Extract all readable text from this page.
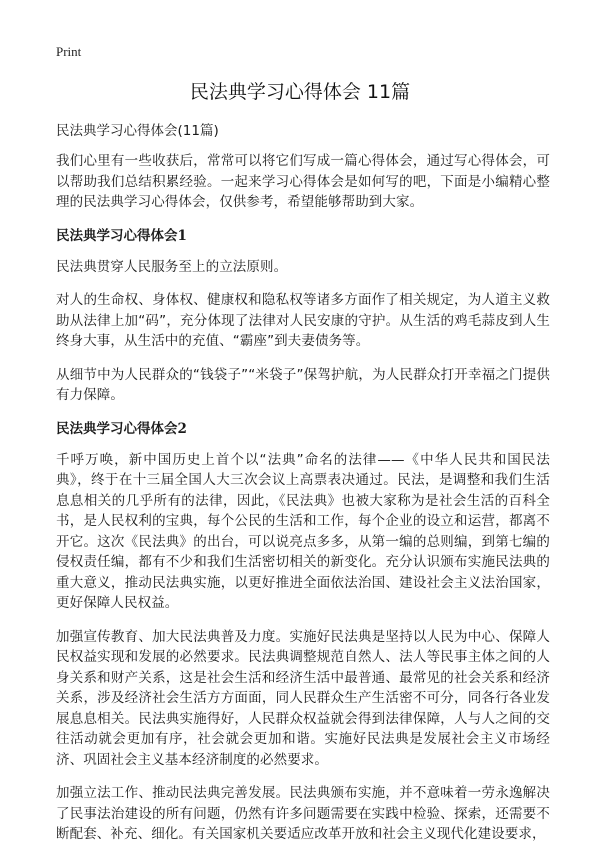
Print
民法典学习心得体会 11篇

民法典学习心得体会(11篇)

我们心里有一些收获后，常常可以将它们写成一篇心得体会，通过写心得体会，可以帮助我们总结积累经验。一起来学习心得体会是如何写的吧，下面是小编精心整理的民法典学习心得体会，仅供参考，希望能够帮助到大家。

民法典学习心得体会1

民法典贯穿人民服务至上的立法原则。

对人的生命权、身体权、健康权和隐私权等诸多方面作了相关规定，为人道主义救助从法律上加“码”，充分体现了法律对人民安康的守护。从生活的鸡毛蒜皮到人生终身大事，从生活中的充值、“霸座”到夫妻债务等。

从细节中为人民群众的“钱袋子”“米袋子”保驾护航，为人民群众打开幸福之门提供有力保障。

民法典学习心得体会2

千呼万唤，新中国历史上首个以“法典”命名的法律——《中华人民共和国民法典》，终于在十三届全国人大三次会议上高票表决通过。民法，是调整和我们生活息息相关的几乎所有的法律，因此，《民法典》也被大家称为是社会生活的百科全书，是人民权利的宝典，每个公民的生活和工作，每个企业的设立和运营，都离不开它。这次《民法典》的出台，可以说亮点多多，从第一编的总则编，到第七编的侵权责任编，都有不少和我们生活密切相关的新变化。充分认识颁布实施民法典的重大意义，推动民法典实施，以更好推进全面依法治国、建设社会主义法治国家，更好保障人民权益。

加强宣传教育、加大民法典普及力度。实施好民法典是坚持以人民为中心、保障人民权益实现和发展的必然要求。民法典调整规范自然人、法人等民事主体之间的人身关系和财产关系，这是社会生活和经济生活中最普通、最常见的社会关系和经济关系，涉及经济社会生活方方面面，同人民群众生产生活密不可分，同各行各业发展息息相关。民法典实施得好，人民群众权益就会得到法律保障，人与人之间的交往活动就会更加有序，社会就会更加和谐。实施好民法典是发展社会主义市场经济、巩固社会主义基本经济制度的必然要求。

加强立法工作、推动民法典完善发展。民法典颁布实施，并不意味着一劳永逸解决了民事法治建设的所有问题，仍然有许多问题需要在实践中检验、探索，还需要不断配套、补充、细化。有关国家机关要适应改革开放和社会主义现代化建设要求，
